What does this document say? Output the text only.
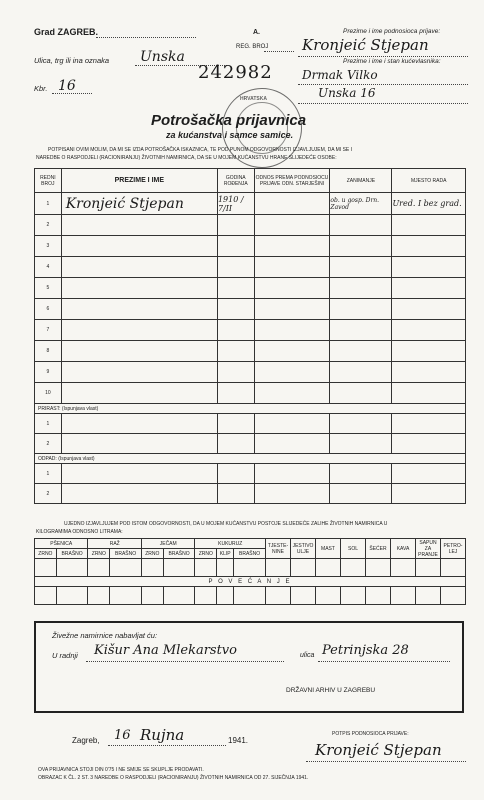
Grad ZAGREB.	A.
REG. BROJ
Ulica, trg ili ina oznaka Unska
Kbr. 16
242982
Prezime i ime podnosioca prijave:
Kronjeić Stjepan
Prezime i ime i stan kućevlasnika:
Drmak Vilko
Unska 16
HRVATSKA
Potrošačka prijavnica
za kućanstva i samce samice.
POTPISANI OVIM MOLIM, DA MI SE IZDA POTROŠAČKA ISKAZNICA, TE POD PUNOM ODGOVORNOSTI IZJAVLJUJEM, DA MI SE I
NAREDBE O RASPODJELI (RACIONIRANJU) ŽIVOTNIH NAMIRNICA, DA SE U MOJEM KUĆANSTVU HRANE SLIJEDEĆE OSOBE:
REDNI BROJ	PREZIME I IME	GODINA ROĐENJA	ODNOS PREMA PODNOSIOCU PRIJAVE ODN. STARJEŠINI	ZANIMANJE	MJESTO RADA
1	Kronjeić Stjepan	1910 / 7/II		ob. u gosp. Drn. Zavod	Ured. I bez grad.
2					
3					
4					
5					
6					
7					
8					
9					
10					
PRIRAST: (Ispunjava vlast)					
1					
2					
ODPAD: (Ispunjava vlast)					
1					
2					
UJEDNO IZJAVLJUJEM POD ISTOM ODGOVORNOSTI, DA U MOJEM KUĆANSTVU POSTOJE SLIJEDEĆE ZALIHE ŽIVOTNIH NAMIRNICA U
KILOGRAMIMA ODNOSNO LITRAMA:
PŠENICA		RAŽ		JEČAM		KUKURUZ			TJESTE-NINE	JESTIVO ULJE	MAST	SOL	ŠEĆER	KAVA	SAPUN ZA PRANJE	PETRO-LEJ
ZRNO	BRAŠNO	ZRNO	BRAŠNO	ZRNO	BRAŠNO	ZRNO	KLIP	BRAŠNO								

P O V E Ć A N J E																

Živežne namirnice nabavljat ću:
U radnji Kišur Ana Mlekarstvo	ulica Petrinjska 28
DRŽAVNI ARHIV U ZAGREBU
Zagreb, 16 Rujna	1941.
POTPIS PODNOSIOCA PRIJAVE:
Kronjeić Stjepan
OVA PRIJAVNICA STOJI DIN 0'75 I NE SMIJE SE SKUPLJE PRODAVATI.
OBRAZAC K ČL. 2 ST. 3 NAREDBE O RASPODJELI (RACIONIRANJU) ŽIVOTNIH NAMIRNICA OD 27. SIJEČNJA 1941.
